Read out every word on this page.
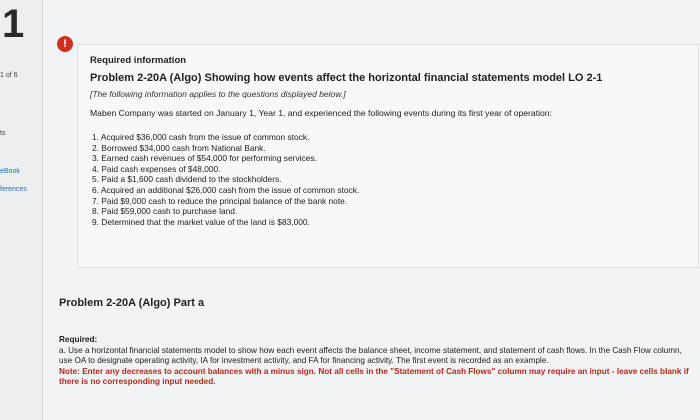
1
1 of 6
ts
eBook
ferences
!
Required information
Problem 2-20A (Algo) Showing how events affect the horizontal financial statements model LO 2-1
[The following information applies to the questions displayed below.]
Maben Company was started on January 1, Year 1, and experienced the following events during its first year of operation:
1. Acquired $36,000 cash from the issue of common stock.
2. Borrowed $34,000 cash from National Bank.
3. Earned cash revenues of $54,000 for performing services.
4. Paid cash expenses of $48,000.
5. Paid a $1,600 cash dividend to the stockholders.
6. Acquired an additional $26,000 cash from the issue of common stock.
7. Paid $9,000 cash to reduce the principal balance of the bank note.
8. Paid $59,000 cash to purchase land.
9. Determined that the market value of the land is $83,000.
Problem 2-20A (Algo) Part a
Required:
a. Use a horizontal financial statements model to show how each event affects the balance sheet, income statement, and statement of cash flows. In the Cash Flow column, use OA to designate operating activity, IA for investment activity, and FA for financing activity. The first event is recorded as an example.
Note: Enter any decreases to account balances with a minus sign. Not all cells in the "Statement of Cash Flows" column may require an input - leave cells blank if there is no corresponding input needed.
